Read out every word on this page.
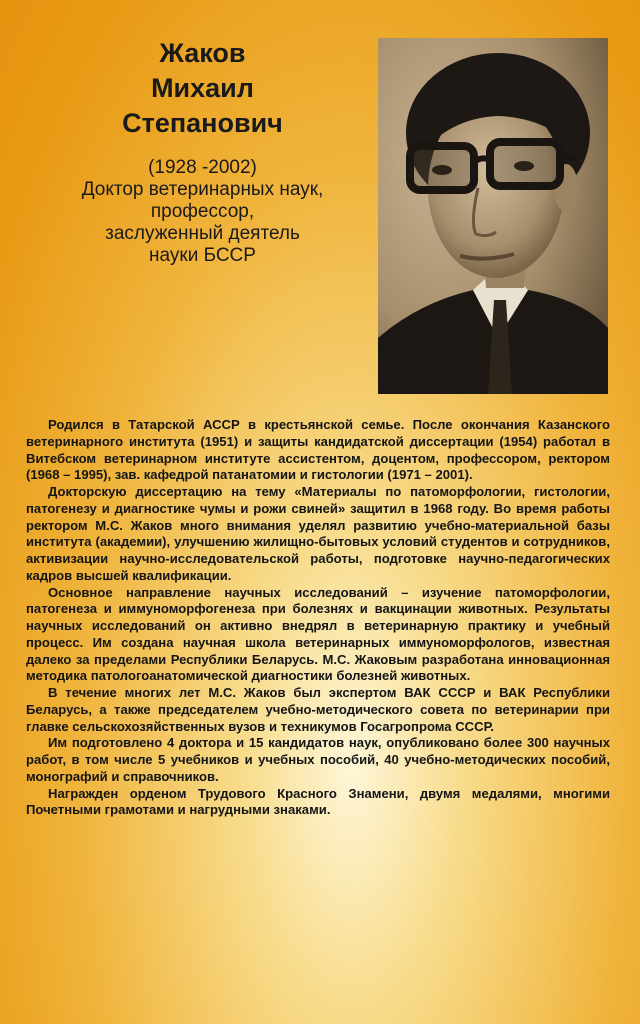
Жаков
Михаил
Степанович
(1928 -2002)
Доктор ветеринарных наук,
профессор,
заслуженный деятель
науки БССР

Родился в Татарской АССР в крестьянской семье. После окончания Казанского ветеринарного института (1951) и защиты кандидатской диссертации (1954) работал в Витебском ветеринарном институте ассистентом, доцентом, профессором, ректором (1968 – 1995), зав. кафедрой патанатомии и гистологии (1971 – 2001).

Докторскую диссертацию на тему «Материалы по патоморфологии, гистологии, патогенезу и диагностике чумы и рожи свиней» защитил в 1968 году. Во время работы ректором М.С. Жаков много внимания уделял развитию учебно-материальной базы института (академии), улучшению жилищно-бытовых условий студентов и сотрудников, активизации научно-исследовательской работы, подготовке научно-педагогических кадров высшей квалификации.

Основное направление научных исследований – изучение патоморфологии, патогенеза и иммуноморфогенеза при болезнях и вакцинации животных. Результаты научных исследований он активно внедрял в ветеринарную практику и учебный процесс. Им создана научная школа ветеринарных иммуноморфологов, известная далеко за пределами Республики Беларусь. М.С. Жаковым разработана инновационная методика патологоанатомической диагностики болезней животных.

В течение многих лет М.С. Жаков был экспертом ВАК СССР и ВАК Республики Беларусь, а также председателем учебно-методического совета по ветеринарии при главке сельскохозяйственных вузов и техникумов Госагропрома СССР.

Им подготовлено 4 доктора и 15 кандидатов наук, опубликовано более 300 научных работ, в том числе 5 учебников и учебных пособий, 40 учебно-методических пособий, монографий и справочников.

Награжден орденом Трудового Красного Знамени, двумя медалями, многими Почетными грамотами и нагрудными знаками.
